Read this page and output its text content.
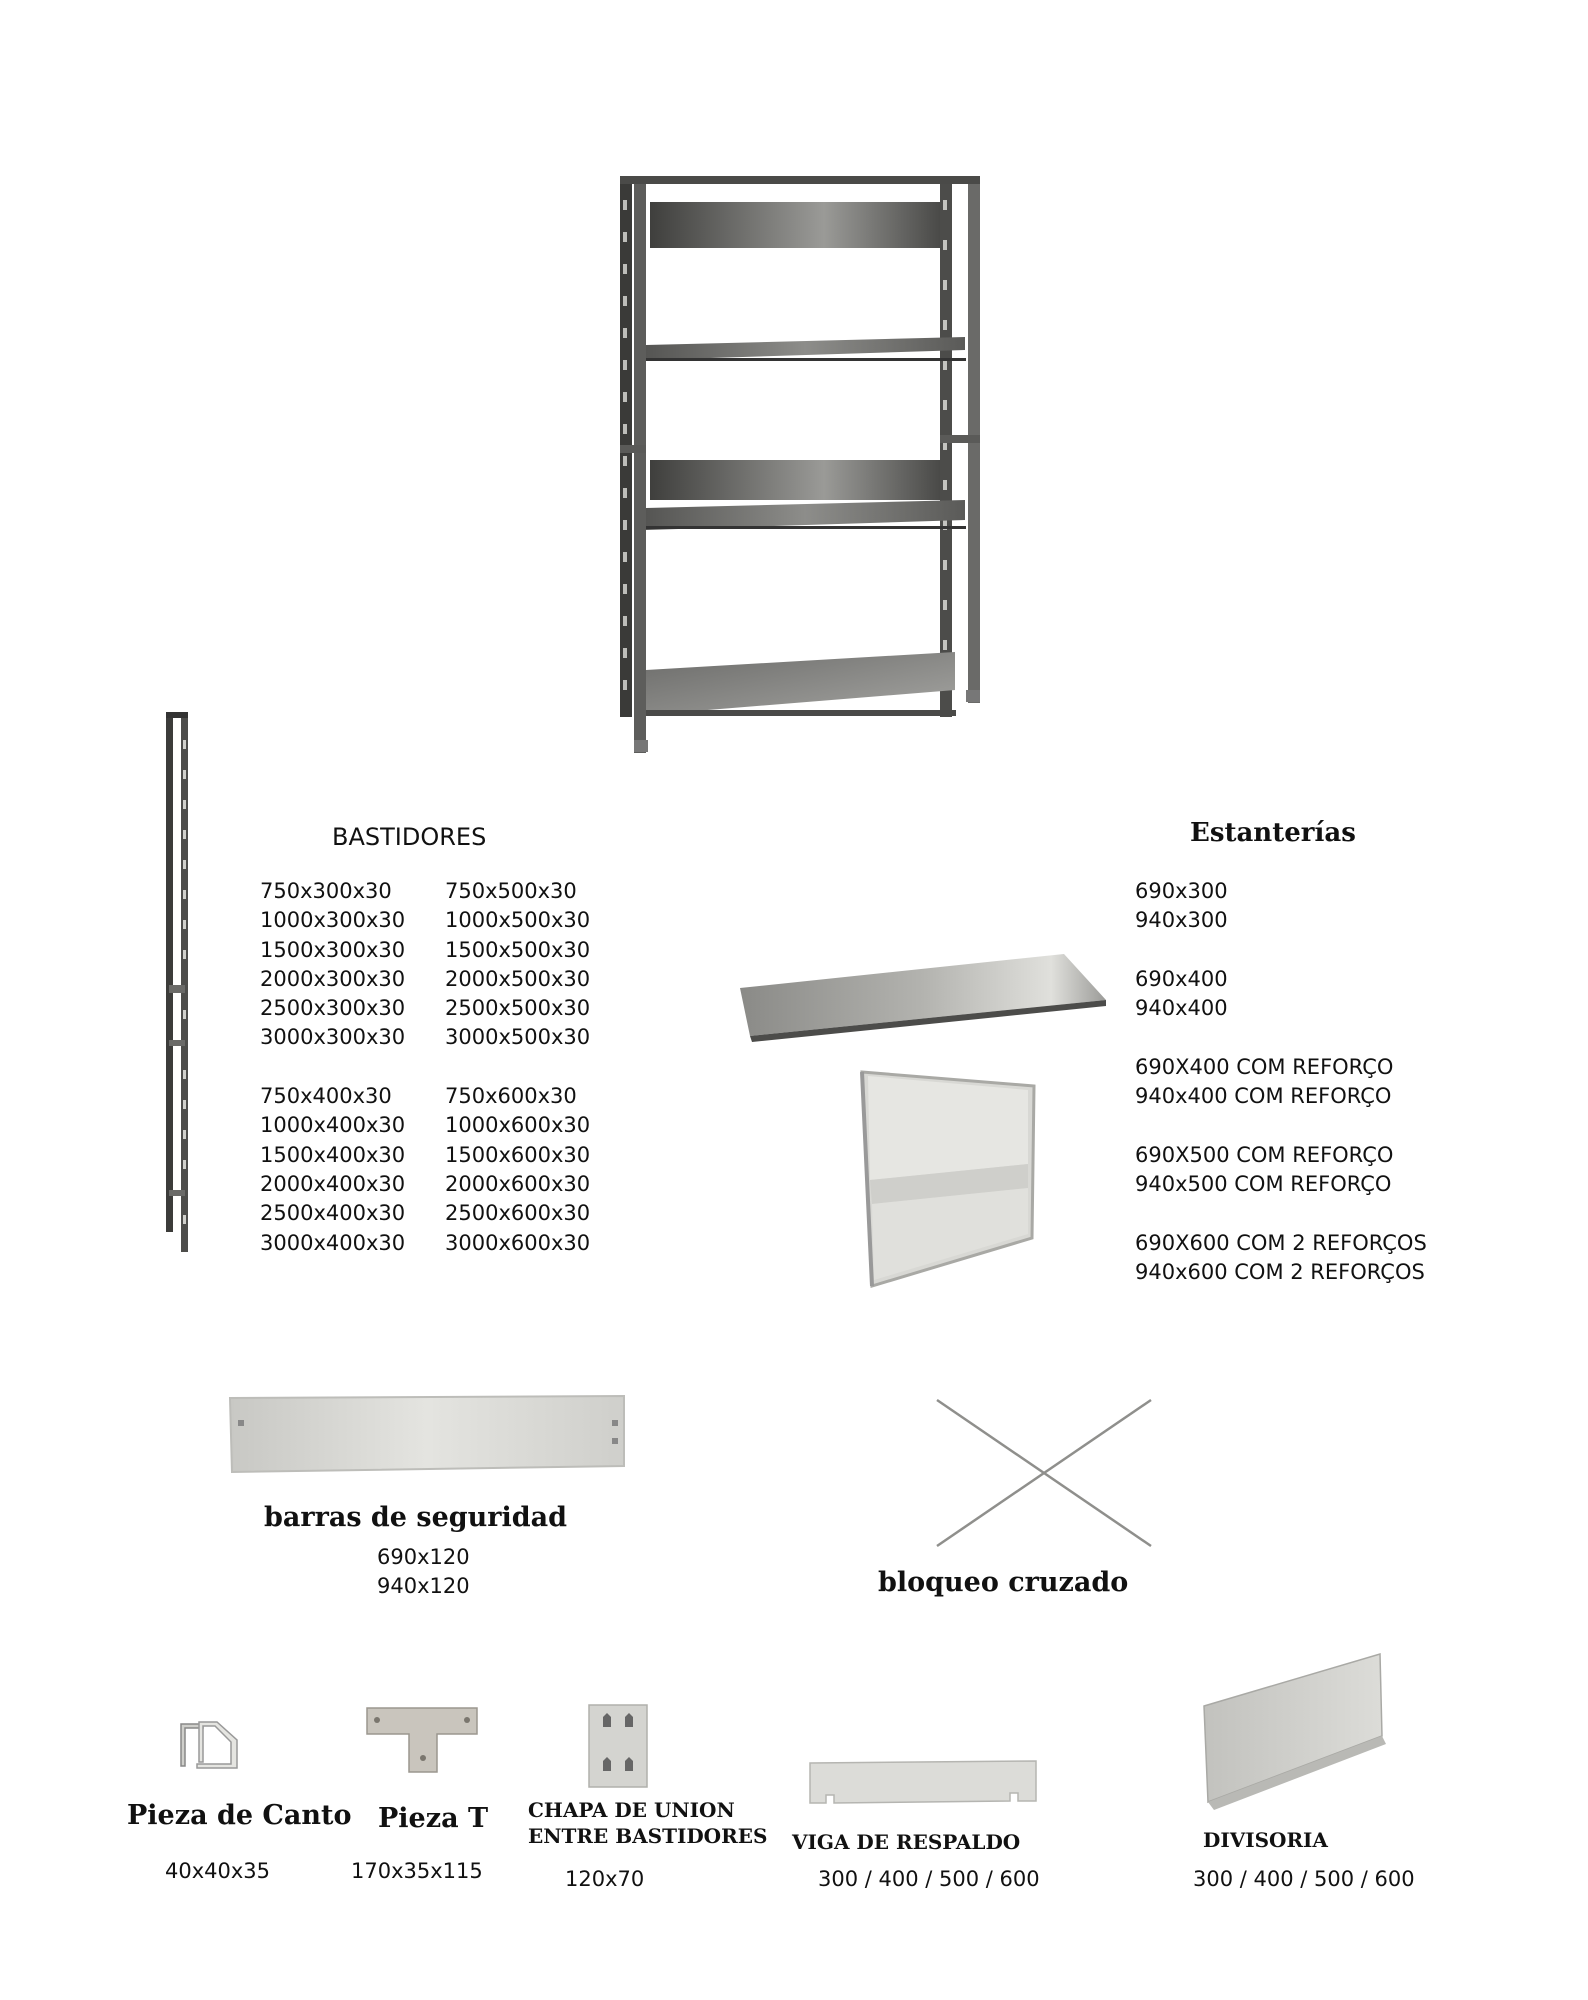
BASTIDORES
750x300x30
1000x300x30
1500x300x30
2000x300x30
2500x300x30
3000x300x30
750x400x30
1000x400x30
1500x400x30
2000x400x30
2500x400x30
3000x400x30
750x500x30
1000x500x30
1500x500x30
2000x500x30
2500x500x30
3000x500x30
750x600x30
1000x600x30
1500x600x30
2000x600x30
2500x600x30
3000x600x30
Estanterías
690x300
940x300
690x400
940x400
690X400 COM REFORÇO
940x400 COM REFORÇO
690X500 COM REFORÇO
940x500 COM REFORÇO
690X600 COM 2 REFORÇOS
940x600 COM 2 REFORÇOS
barras de seguridad
690x120
940x120	bloqueo cruzado
Pieza de Canto
40x40x35
Pieza T
170x35x115
CHAPA DE UNION
ENTRE BASTIDORES
120x70
VIGA DE RESPALDO
300 / 400 / 500 / 600
DIVISORIA
300 / 400 / 500 / 600
